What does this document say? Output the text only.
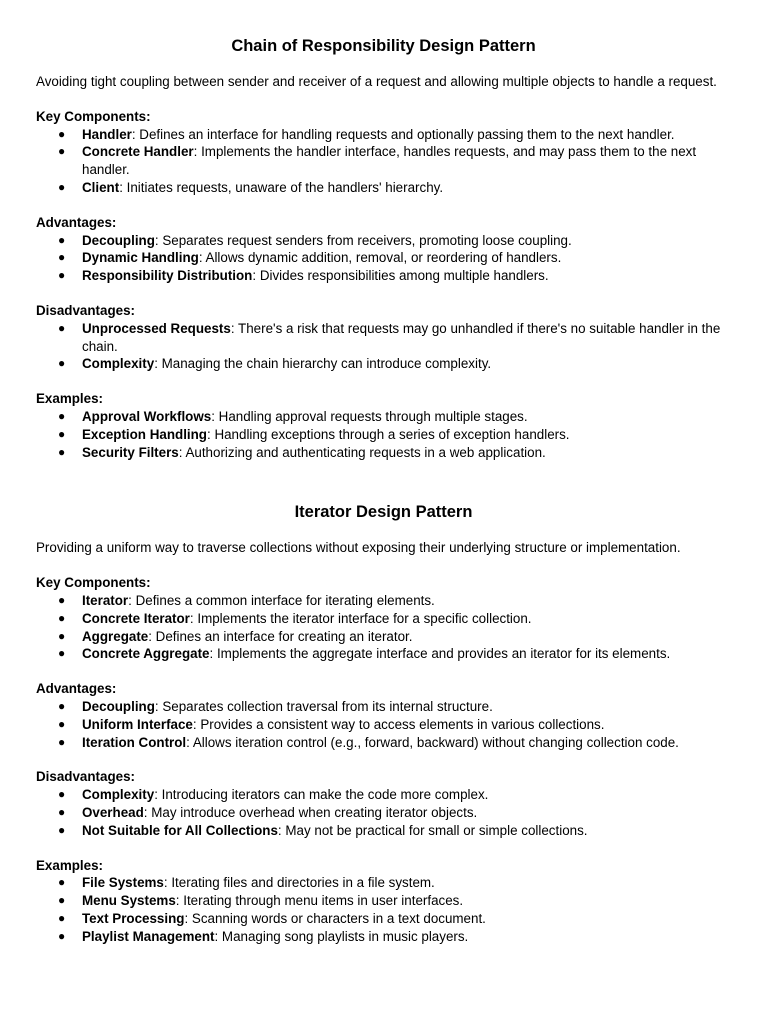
Chain of Responsibility Design Pattern

Avoiding tight coupling between sender and receiver of a request and allowing multiple objects to handle a request.

Key Components:
● Handler: Defines an interface for handling requests and optionally passing them to the next handler.
● Concrete Handler: Implements the handler interface, handles requests, and may pass them to the next handler.
● Client: Initiates requests, unaware of the handlers' hierarchy.
Advantages:
● Decoupling: Separates request senders from receivers, promoting loose coupling.
● Dynamic Handling: Allows dynamic addition, removal, or reordering of handlers.
● Responsibility Distribution: Divides responsibilities among multiple handlers.
Disadvantages:
● Unprocessed Requests: There's a risk that requests may go unhandled if there's no suitable handler in the chain.
● Complexity: Managing the chain hierarchy can introduce complexity.
Examples:
● Approval Workflows: Handling approval requests through multiple stages.
● Exception Handling: Handling exceptions through a series of exception handlers.
● Security Filters: Authorizing and authenticating requests in a web application.
Iterator Design Pattern

Providing a uniform way to traverse collections without exposing their underlying structure or implementation.

Key Components:
● Iterator: Defines a common interface for iterating elements.
● Concrete Iterator: Implements the iterator interface for a specific collection.
● Aggregate: Defines an interface for creating an iterator.
● Concrete Aggregate: Implements the aggregate interface and provides an iterator for its elements.
Advantages:
● Decoupling: Separates collection traversal from its internal structure.
● Uniform Interface: Provides a consistent way to access elements in various collections.
● Iteration Control: Allows iteration control (e.g., forward, backward) without changing collection code.
Disadvantages:
● Complexity: Introducing iterators can make the code more complex.
● Overhead: May introduce overhead when creating iterator objects.
● Not Suitable for All Collections: May not be practical for small or simple collections.
Examples:
● File Systems: Iterating files and directories in a file system.
● Menu Systems: Iterating through menu items in user interfaces.
● Text Processing: Scanning words or characters in a text document.
● Playlist Management: Managing song playlists in music players.
